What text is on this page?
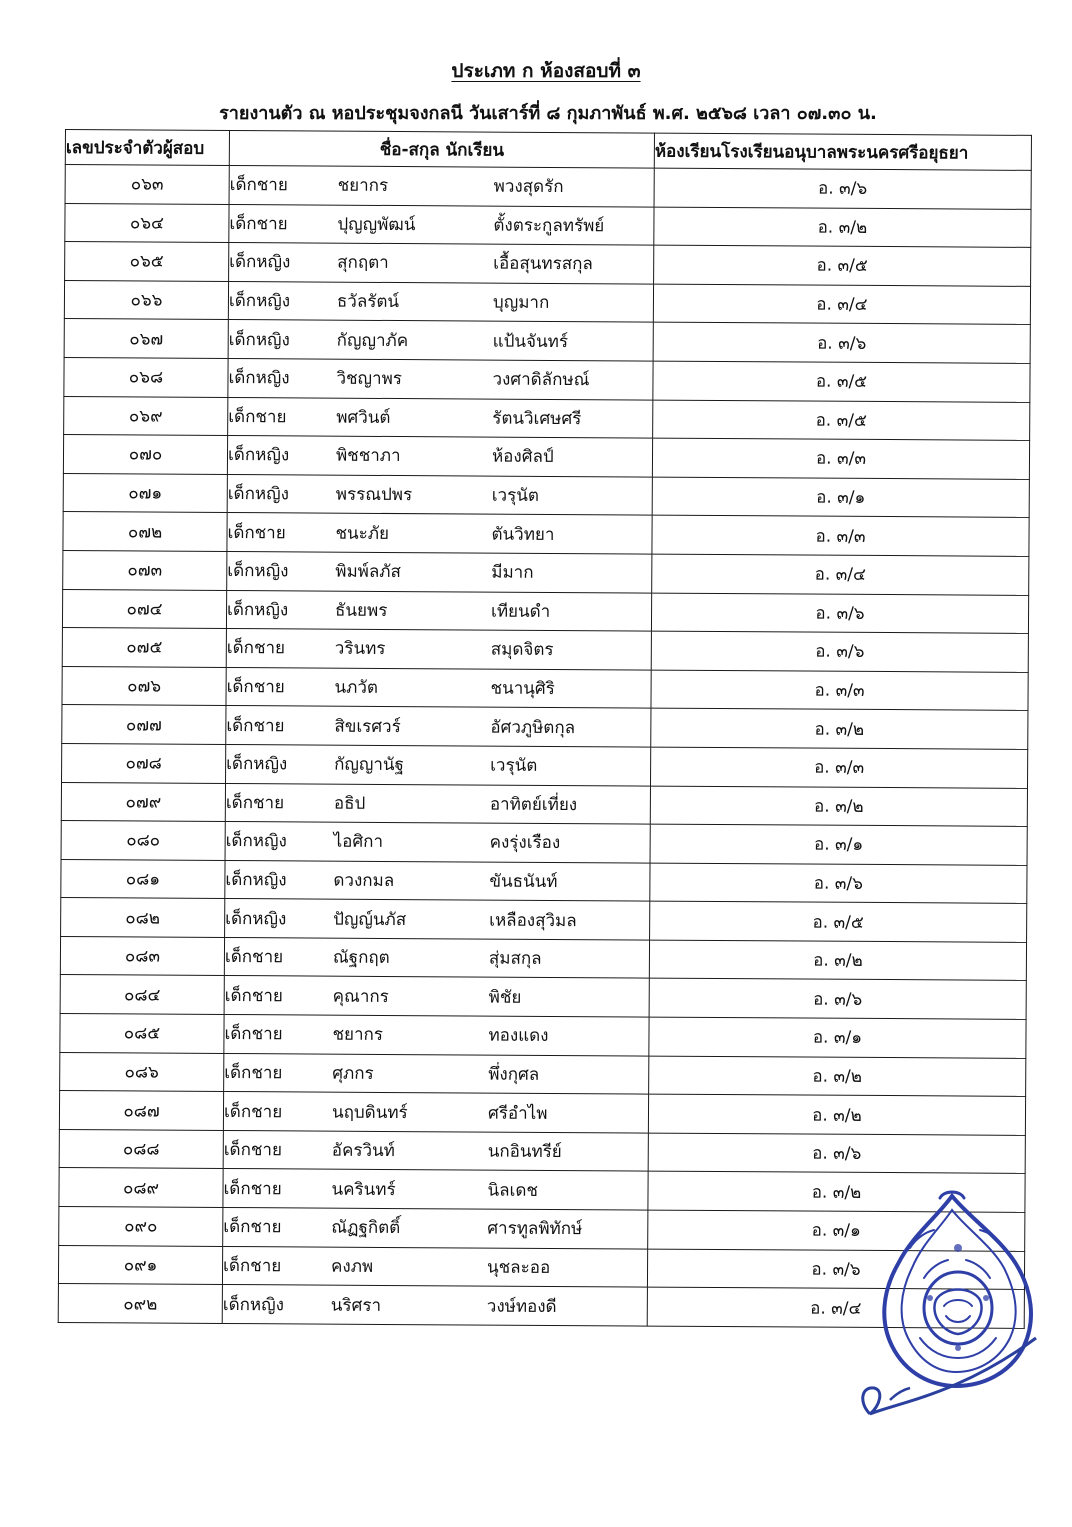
ประเภท ก ห้องสอบที่ ๓
รายงานตัว ณ หอประชุมจงกลนี วันเสาร์ที่ ๘ กุมภาพันธ์ พ.ศ. ๒๕๖๘ เวลา ๐๗.๓๐ น.
เลขประจำตัวผู้สอบ	ชื่อ-สกุล นักเรียน	ห้องเรียนโรงเรียนอนุบาลพระนครศรีอยุธยา
๐๖๓	เด็กชาย ชยากร พวงสุดรัก	อ. ๓/๖
๐๖๔	เด็กชาย ปุญญพัฒน์ ตั้งตระกูลทรัพย์	อ. ๓/๒
๐๖๕	เด็กหญิง สุกฤตา เอื้อสุนทรสกุล	อ. ๓/๕
๐๖๖	เด็กหญิง ธวัลรัตน์ บุญมาก	อ. ๓/๔
๐๖๗	เด็กหญิง กัญญาภัค แป้นจันทร์	อ. ๓/๖
๐๖๘	เด็กหญิง วิชญาพร วงศาดิลักษณ์	อ. ๓/๕
๐๖๙	เด็กชาย พศวินต์ รัตนวิเศษศรี	อ. ๓/๕
๐๗๐	เด็กหญิง พิชชาภา ห้องศิลป์	อ. ๓/๓
๐๗๑	เด็กหญิง พรรณปพร เวรุนัต	อ. ๓/๑
๐๗๒	เด็กชาย ชนะภัย ตันวิทยา	อ. ๓/๓
๐๗๓	เด็กหญิง พิมพ์ลภัส มีมาก	อ. ๓/๔
๐๗๔	เด็กหญิง ธันยพร เทียนดำ	อ. ๓/๖
๐๗๕	เด็กชาย วรินทร สมุดจิตร	อ. ๓/๖
๐๗๖	เด็กชาย นภวัต ชนานุศิริ	อ. ๓/๓
๐๗๗	เด็กชาย สิขเรศวร์ อัศวภูษิตกุล	อ. ๓/๒
๐๗๘	เด็กหญิง กัญญานัฐ เวรุนัต	อ. ๓/๓
๐๗๙	เด็กชาย อธิป อาทิตย์เที่ยง	อ. ๓/๒
๐๘๐	เด็กหญิง ไอศิกา คงรุ่งเรือง	อ. ๓/๑
๐๘๑	เด็กหญิง ดวงกมล ขันธนันท์	อ. ๓/๖
๐๘๒	เด็กหญิง ปัญญ์นภัส เหลืองสุวิมล	อ. ๓/๕
๐๘๓	เด็กชาย ณัฐกฤต สุ่มสกุล	อ. ๓/๒
๐๘๔	เด็กชาย คุณากร พิชัย	อ. ๓/๖
๐๘๕	เด็กชาย ชยากร ทองแดง	อ. ๓/๑
๐๘๖	เด็กชาย ศุภกร พึ่งกุศล	อ. ๓/๒
๐๘๗	เด็กชาย นฤบดินทร์ ศรีอำไพ	อ. ๓/๒
๐๘๘	เด็กชาย อัครวินท์ นกอินทรีย์	อ. ๓/๖
๐๘๙	เด็กชาย นครินทร์ นิลเดช	อ. ๓/๒
๐๙๐	เด็กชาย ณัฏฐกิตติ์ ศารทูลพิทักษ์	อ. ๓/๑
๐๙๑	เด็กชาย คงภพ นุชละออ	อ. ๓/๖
๐๙๒	เด็กหญิง นริศรา วงษ์ทองดี	อ. ๓/๔
